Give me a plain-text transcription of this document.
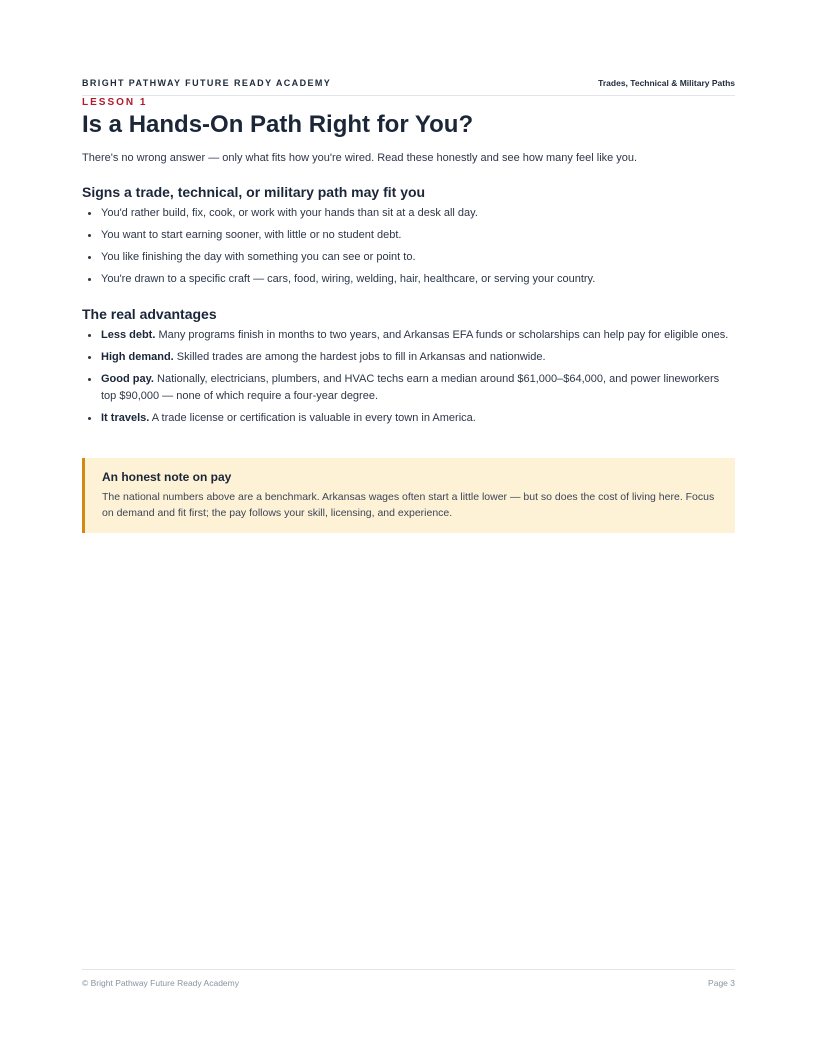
BRIGHT PATHWAY FUTURE READY ACADEMY	Trades, Technical & Military Paths
LESSON 1
Is a Hands-On Path Right for You?

There's no wrong answer — only what fits how you're wired. Read these honestly and see how many feel like you.

Signs a trade, technical, or military path may fit you
You'd rather build, fix, cook, or work with your hands than sit at a desk all day.
You want to start earning sooner, with little or no student debt.
You like finishing the day with something you can see or point to.
You're drawn to a specific craft — cars, food, wiring, welding, hair, healthcare, or serving your country.
The real advantages
Less debt. Many programs finish in months to two years, and Arkansas EFA funds or scholarships can help pay for eligible ones.
High demand. Skilled trades are among the hardest jobs to fill in Arkansas and nationwide.
Good pay. Nationally, electricians, plumbers, and HVAC techs earn a median around $61,000–$64,000, and power lineworkers top $90,000 — none of which require a four-year degree.
It travels. A trade license or certification is valuable in every town in America.
An honest note on pay
The national numbers above are a benchmark. Arkansas wages often start a little lower — but so does the cost of living here. Focus on demand and fit first; the pay follows your skill, licensing, and experience.
© Bright Pathway Future Ready Academy	Page 3
